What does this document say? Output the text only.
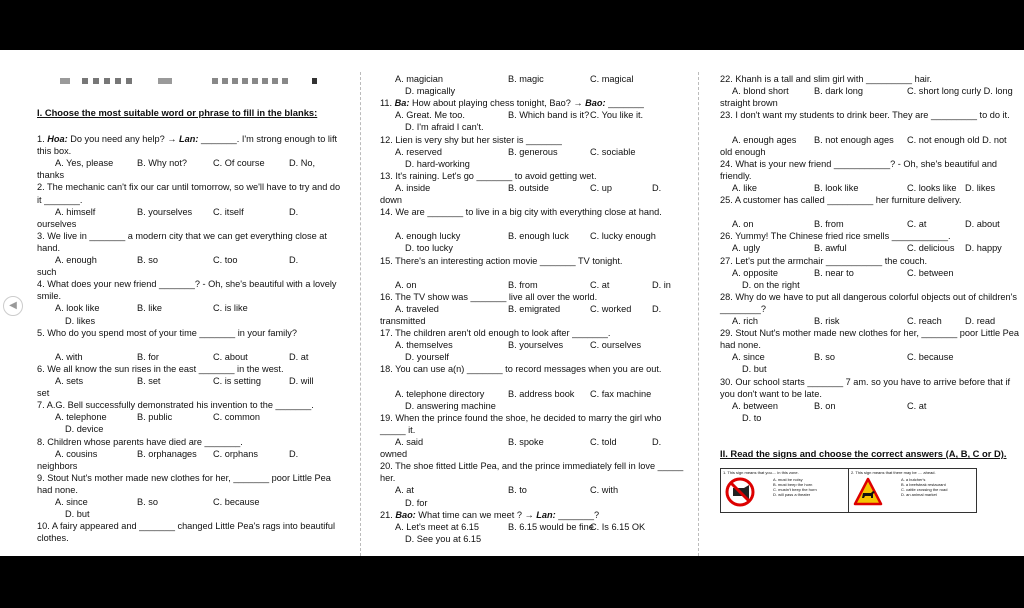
I. Choose the most suitable word or phrase to fill in the blanks:
1. Hoa: Do you need any help? → Lan: _______. I'm strong enough to lift
this box.
A. Yes, please	B. Why not?	C. Of course	D. No,
thanks
2. The mechanic can't fix our car until tomorrow, so we'll have to try and do
it _______.
A. himself	B. yourselves C. itself	D.
ourselves
3. We live in _______ a modern city that we can get everything close at
hand.
A. enough	B. so	C. too	D.
such
4. What does your new friend _______? - Oh, she's beautiful with a lovely
smile.
A. look like	B. like	C. is like
D. likes
5. Who do you spend most of your time _______ in your family?
A. with	B. for	C. about	D. at
6. We all know the sun rises in the east _______ in the west.
A. sets	B. set	C. is setting	D. will
set
7. A.G. Bell successfully demonstrated his invention to the _______.
A. telephone	B. public	C. common
D. device
8. Children whose parents have died are _______.
A. cousins	B. orphanages C. orphans	D.
neighbors
9. Stout Nut's mother made new clothes for her, _______ poor Little Pea
had none.
A. since	B. so	C. because
D. but
10. A fairy appeared and _______ changed Little Pea's rags into beautiful
clothes.
A. magician	B. magic	C. magical
D. magically
11. Ba: How about playing chess tonight, Bao? → Bao: _______
A. Great. Me too.	B. Which band is it? C. You like it.
D. I'm afraid I can't.
12. Lien is very shy but her sister is _______
A. reserved	B. generous	C. sociable
D. hard-working
13. It's raining. Let's go _______ to avoid getting wet.
A. inside	B. outside	C. up	D.
down
14. We are _______ to live in a big city with everything close at hand.
A. enough lucky	B. enough luck C. lucky enough
D. too lucky
15. There's an interesting action movie _______ TV tonight.
A. on	B. from	C. at	D. in
16. The TV show was _______ live all over the world.
A. traveled	B. emigrated	C. worked D.
transmitted
17. The children aren't old enough to look after _______.
A. themselves	B. yourselves	C. ourselves
D. yourself
18. You can use a(n) _______ to record messages when you are out.
A. telephone directory	B. address book C. fax machine
D. answering machine
19. When the prince found the shoe, he decided to marry the girl who
_____ it.
A. said	B. spoke	C. told	D.
owned
20. The shoe fitted Little Pea, and the prince immediately fell in love _____
her.
A. at	B. to	C. with
D. for
21. Bao: What time can we meet ? → Lan: _______?
A. Let's meet at 6.15	B. 6.15 would be fine
C. Is 6.15 OK
D. See you at 6.15
II. Read the signs and choose the correct answers (A, B, C or D).
1. This sign means that you.... in this zone.
A. must be noisy
B. must beep the horn
C. mustn't beep the horn
D. will pass a theater
2. This sign means that there may be .... ahead.
A. a butcher's
B. a beefsteak restaurant
C. cattle crossing the road
D. an animal market
22. Khanh is a tall and slim girl with _________ hair.
A. blond short	B. dark long	C. short long curly D. long
straight brown
23. I don't want my students to drink beer. They are _________ to do it.
A. enough ages B. not enough ages C. not enough old D. not
old enough
24. What is your new friend ___________? - Oh, she's beautiful and
friendly.
A. like	B. look like	C. looks like D. likes
25. A customer has called _________ her furniture delivery.
A. on	B. from	C. at	D. about
26. Yummy! The Chinese fried rice smells ___________.
A. ugly	B. awful	C. delicious D. happy
27. Let's put the armchair ___________ the couch.
A. opposite	B. near to	C. between
D. on the right
28. Why do we have to put all dangerous colorful objects out of children's
________?
A. rich	B. risk	C. reach	D. read
29. Stout Nut's mother made new clothes for her, _______ poor Little Pea
had none.
A. since	B. so	C. because
D. but
30. Our school starts _______ 7 am. so you have to arrive before that if
you don't want to be late.
A. between	B. on	C. at
D. to
◀
